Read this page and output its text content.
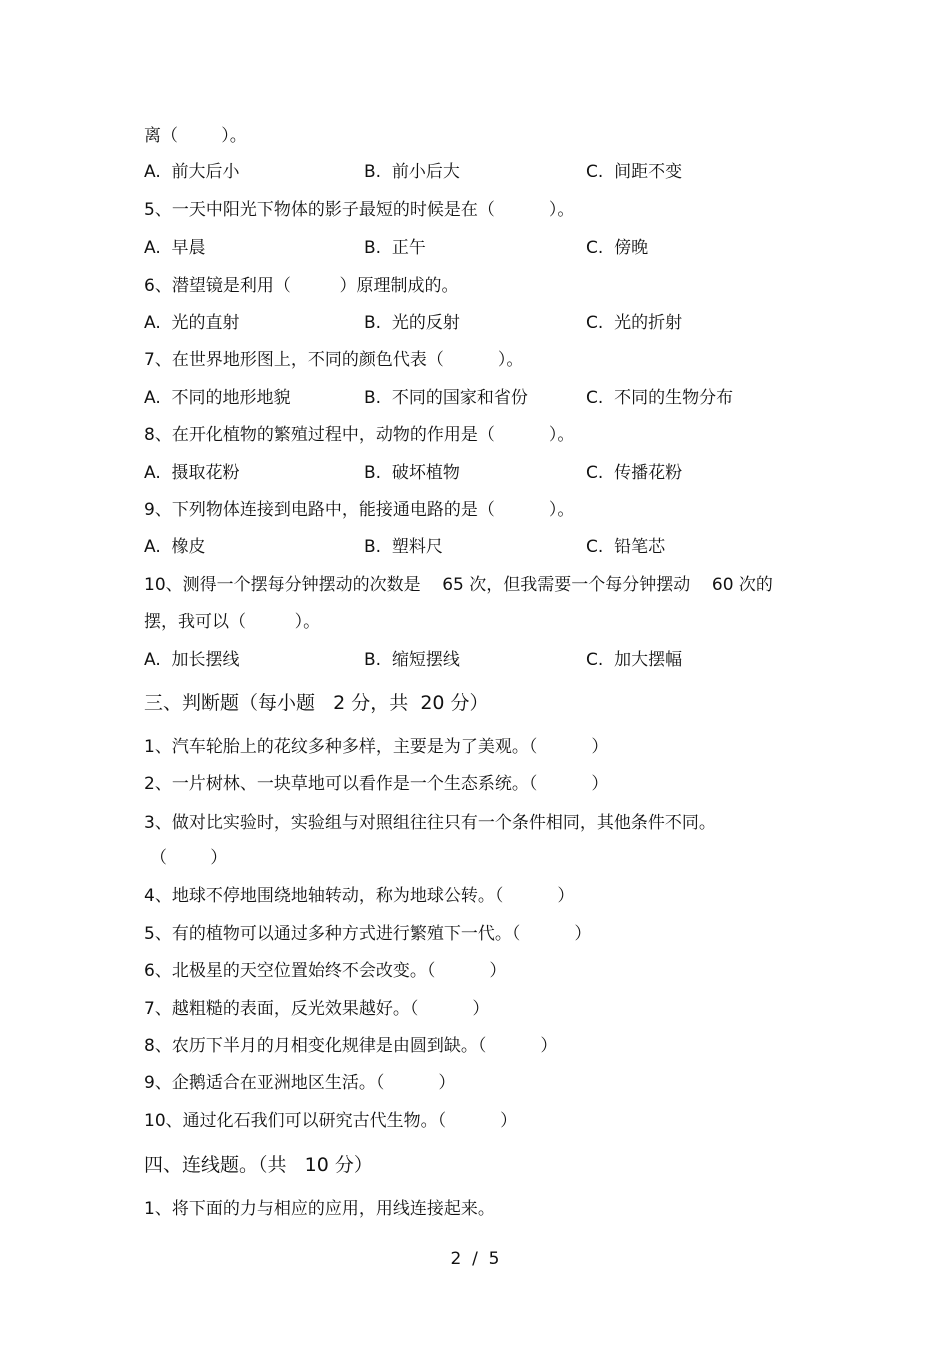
离（        ）。
A.  前大后小	B.  前小后大	C.  间距不变
5、一天中阳光下物体的影子最短的时候是在（          ）。
A.  早晨	B.  正午	C.  傍晚
6、潜望镜是利用（         ）原理制成的。
A.  光的直射	B.  光的反射	C.  光的折射
7、在世界地形图上，不同的颜色代表（          ）。
A.  不同的地形地貌	B.  不同的国家和省份	C.  不同的生物分布
8、在开化植物的繁殖过程中，动物的作用是（          ）。
A.  摄取花粉	B.  破坏植物	C.  传播花粉
9、下列物体连接到电路中，能接通电路的是（          ）。
A.  橡皮	B.  塑料尺	C.  铅笔芯
10、测得一个摆每分钟摆动的次数是    65 次，但我需要一个每分钟摆动    60 次的
摆，我可以（         ）。
A.  加长摆线	B.  缩短摆线	C.  加大摆幅
三、判断题（每小题   2 分，共  20 分）
1、汽车轮胎上的花纹多种多样，主要是为了美观。（          ）
2、一片树林、一块草地可以看作是一个生态系统。（          ）
3、做对比实验时，实验组与对照组往往只有一个条件相同，其他条件不同。
（        ）
4、地球不停地围绕地轴转动，称为地球公转。（          ）
5、有的植物可以通过多种方式进行繁殖下一代。（          ）
6、北极星的天空位置始终不会改变。（          ）
7、越粗糙的表面，反光效果越好。（          ）
8、农历下半月的月相变化规律是由圆到缺。（          ）
9、企鹅适合在亚洲地区生活。（          ）
10、通过化石我们可以研究古代生物。（          ）
四、连线题。（共   10 分）
1、将下面的力与相应的应用，用线连接起来。
2  /  5
